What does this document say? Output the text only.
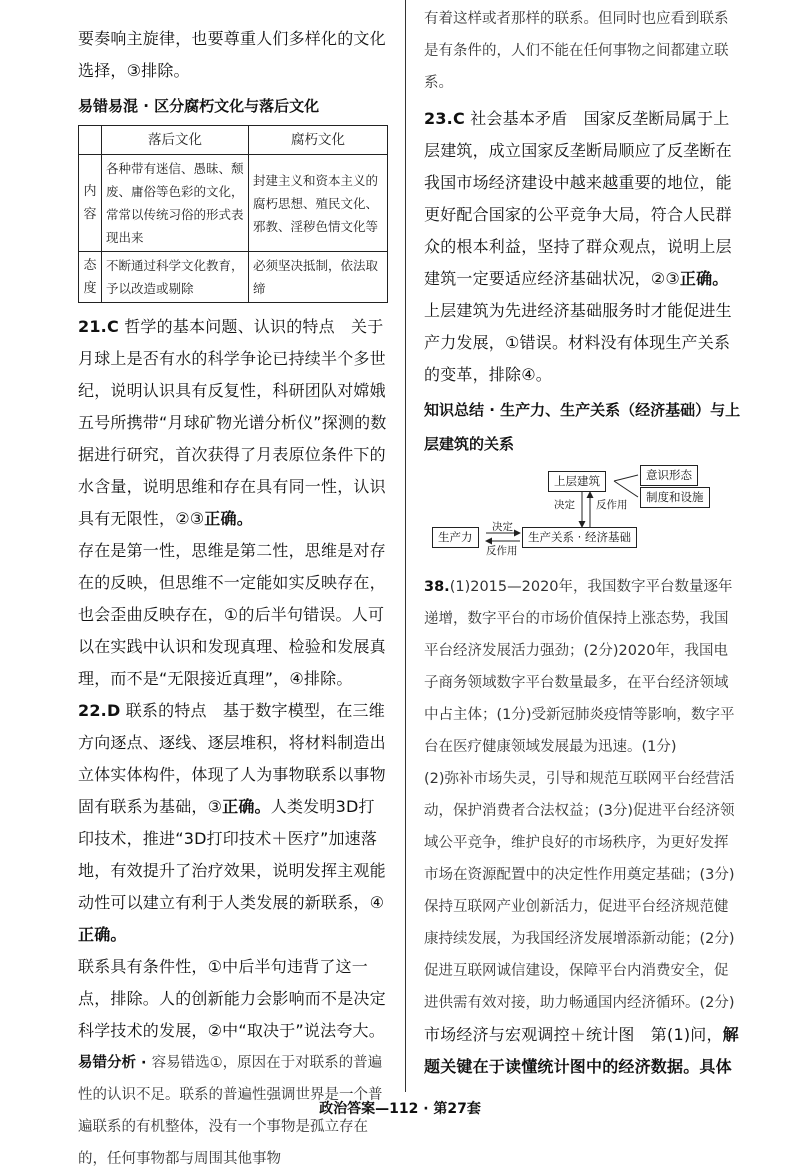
要奏响主旋律，也要尊重人们多样化的文化选择，③排除。

易错易混 · 区分腐朽文化与落后文化

	落后文化	腐朽文化
内容	各种带有迷信、愚昧、颓废、庸俗等色彩的文化，常常以传统习俗的形式表现出来	封建主义和资本主义的腐朽思想、殖民文化、邪教、淫秽色情文化等
态度	不断通过科学文化教育，予以改造或剔除	必须坚决抵制，依法取缔

21.C 哲学的基本问题、认识的特点　关于月球上是否有水的科学争论已持续半个多世纪，说明认识具有反复性，科研团队对嫦娥五号所携带“月球矿物光谱分析仪”探测的数据进行研究，首次获得了月表原位条件下的水含量，说明思维和存在具有同一性，认识具有无限性，②③正确。

存在是第一性，思维是第二性，思维是对存在的反映，但思维不一定能如实反映存在，也会歪曲反映存在，①的后半句错误。人可以在实践中认识和发现真理、检验和发展真理，而不是“无限接近真理”，④排除。

22.D 联系的特点　基于数字模型，在三维方向逐点、逐线、逐层堆积，将材料制造出立体实体构件，体现了人为事物联系以事物固有联系为基础，③正确。人类发明3D打印技术，推进“3D打印技术＋医疗”加速落地，有效提升了治疗效果，说明发挥主观能动性可以建立有利于人类发展的新联系，④正确。

联系具有条件性，①中后半句违背了这一点，排除。人的创新能力会影响而不是决定科学技术的发展，②中“取决于”说法夸大。

易错分析 · 容易错选①，原因在于对联系的普遍性的认识不足。联系的普遍性强调世界是一个普遍联系的有机整体，没有一个事物是孤立存在的，任何事物都与周围其他事物

有着这样或者那样的联系。但同时也应看到联系是有条件的，人们不能在任何事物之间都建立联系。

23.C 社会基本矛盾　国家反垄断局属于上层建筑，成立国家反垄断局顺应了反垄断在我国市场经济建设中越来越重要的地位，能更好配合国家的公平竞争大局，符合人民群众的根本利益，坚持了群众观点，说明上层建筑一定要适应经济基础状况，②③正确。上层建筑为先进经济基础服务时才能促进生产力发展，①错误。材料没有体现生产关系的变革，排除④。

知识总结 · 生产力、生产关系（经济基础）与上层建筑的关系

上层建筑	意识形态
制度和设施
决定 反作用
生产力
决定
反作用
生产关系 · 经济基础

38.(1)2015—2020年，我国数字平台数量逐年递增，数字平台的市场价值保持上涨态势，我国平台经济发展活力强劲；(2分)2020年，我国电子商务领域数字平台数量最多，在平台经济领域中占主体；(1分)受新冠肺炎疫情等影响，数字平台在医疗健康领域发展最为迅速。(1分)

(2)弥补市场失灵，引导和规范互联网平台经营活动，保护消费者合法权益；(3分)促进平台经济领域公平竞争，维护良好的市场秩序，为更好发挥市场在资源配置中的决定性作用奠定基础；(3分)保持互联网产业创新活力，促进平台经济规范健康持续发展，为我国经济发展增添新动能；(2分)促进互联网诚信建设，保障平台内消费安全，促进供需有效对接，助力畅通国内经济循环。(2分)

市场经济与宏观调控＋统计图　第(1)问，解题关键在于读懂统计图中的经济数据。具体

政治答案—112 · 第27套
